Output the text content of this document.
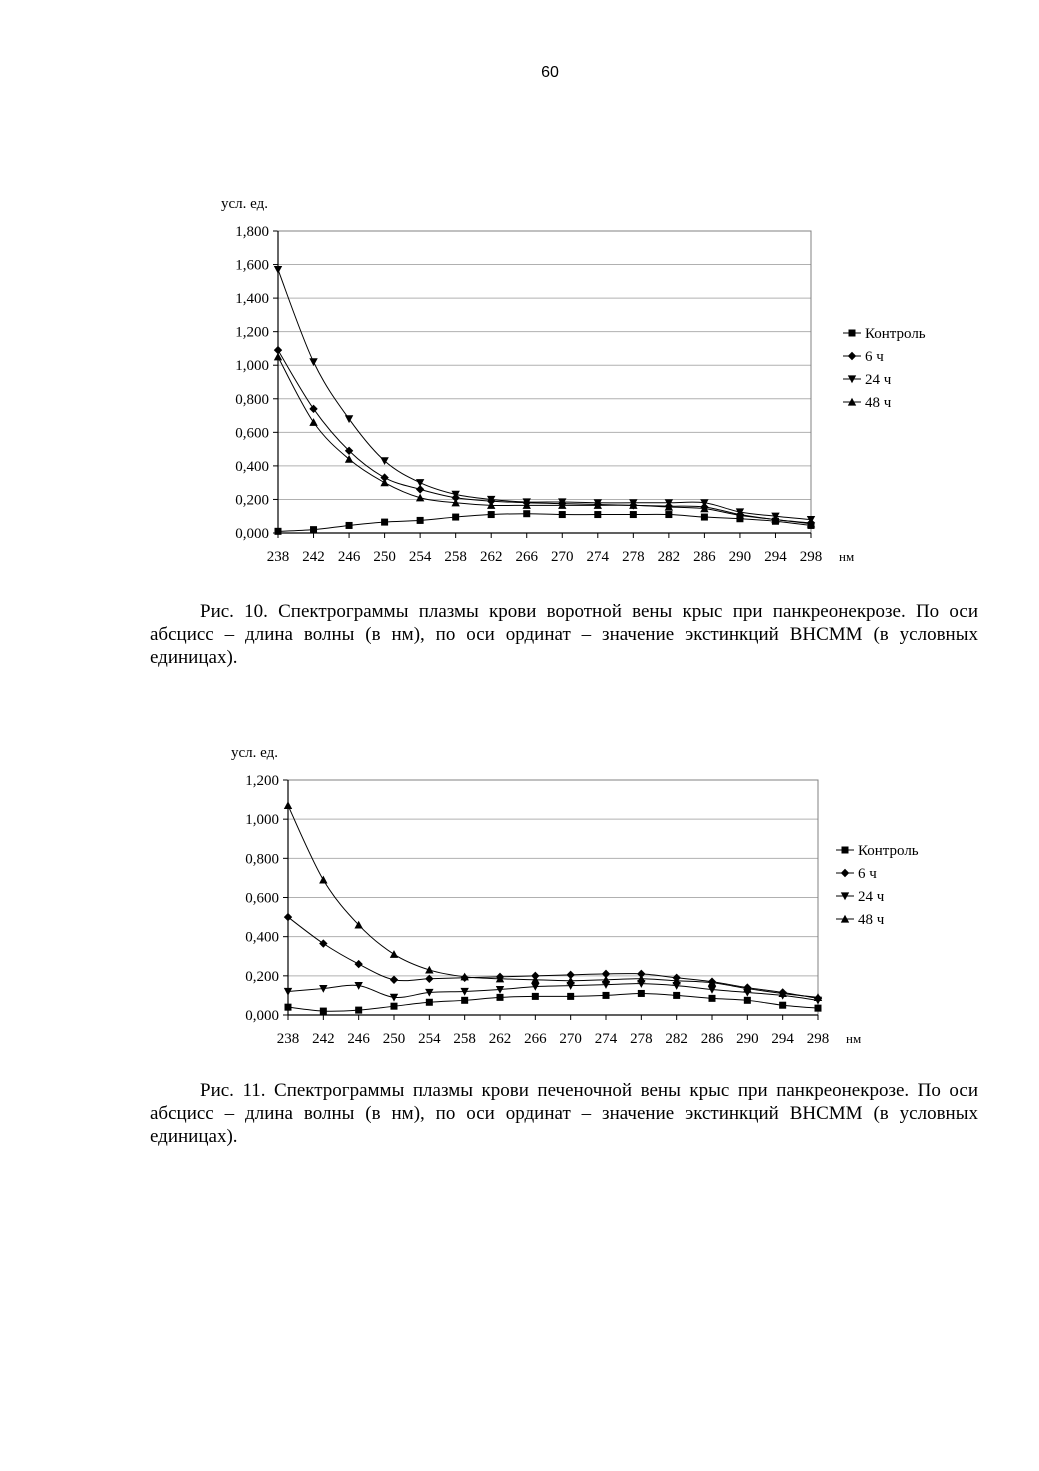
60
0,000
0,200
0,400
0,600
0,800
1,000
1,200
1,400
1,600
1,800
238 242 246 250 254 258 262 266 270 274 278 282 286 290 294 298
усл. ед.
нм
Контроль
6 ч
24 ч
48 ч
Рис. 10. Спектрограммы плазмы крови воротной вены крыс при панкреонекрозе. По оси абсцисс – длина волны (в нм), по оси ординат – значение экстинкций ВНСММ (в условных единицах).
0,000
0,200
0,400
0,600
0,800
1,000
1,200
238 242 246 250 254 258 262 266 270 274 278 282 286 290 294 298
усл. ед.
нм
Контроль
6 ч
24 ч
48 ч
Рис. 11. Спектрограммы плазмы крови печеночной вены крыс при панкреонекрозе. По оси абсцисс – длина волны (в нм), по оси ординат – значение экстинкций ВНСММ (в условных единицах).
